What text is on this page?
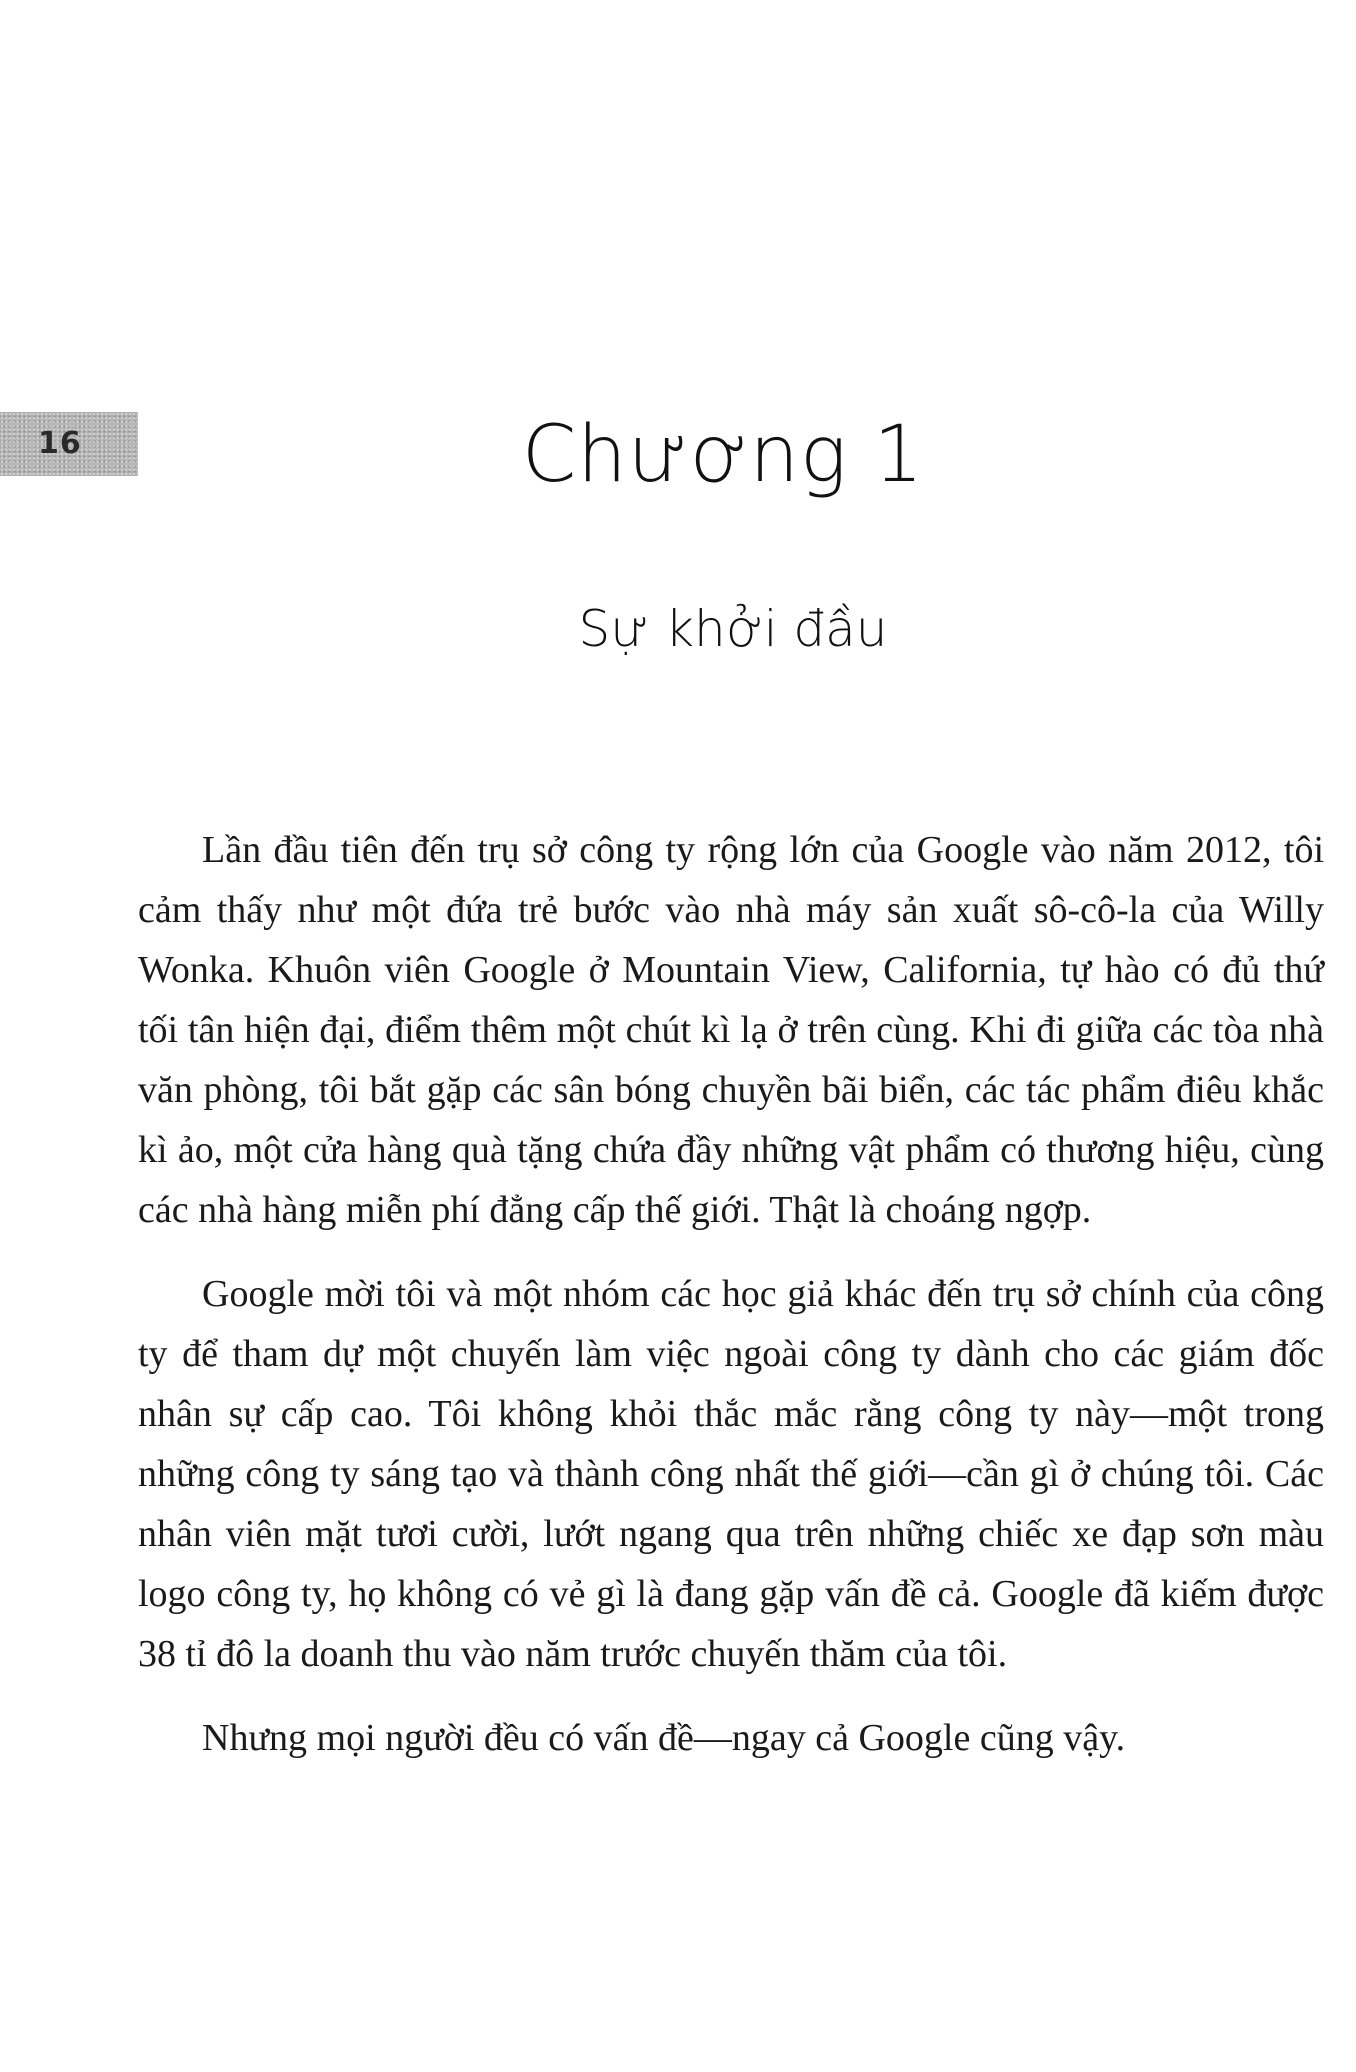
16	Chương 1
Sự khởi đầu

Lần đầu tiên đến trụ sở công ty rộng lớn của Google vào năm 2012, tôi cảm thấy như một đứa trẻ bước vào nhà máy sản xuất sô-cô-la của Willy Wonka. Khuôn viên Google ở Mountain View, California, tự hào có đủ thứ tối tân hiện đại, điểm thêm một chút kì lạ ở trên cùng. Khi đi giữa các tòa nhà văn phòng, tôi bắt gặp các sân bóng chuyền bãi biển, các tác phẩm điêu khắc kì ảo, một cửa hàng quà tặng chứa đầy những vật phẩm có thương hiệu, cùng các nhà hàng miễn phí đẳng cấp thế giới. Thật là choáng ngợp.

Google mời tôi và một nhóm các học giả khác đến trụ sở chính của công ty để tham dự một chuyến làm việc ngoài công ty dành cho các giám đốc nhân sự cấp cao. Tôi không khỏi thắc mắc rằng công ty này—một trong những công ty sáng tạo và thành công nhất thế giới—cần gì ở chúng tôi. Các nhân viên mặt tươi cười, lướt ngang qua trên những chiếc xe đạp sơn màu logo công ty, họ không có vẻ gì là đang gặp vấn đề cả. Google đã kiếm được 38 tỉ đô la doanh thu vào năm trước chuyến thăm của tôi.

Nhưng mọi người đều có vấn đề—ngay cả Google cũng vậy.
